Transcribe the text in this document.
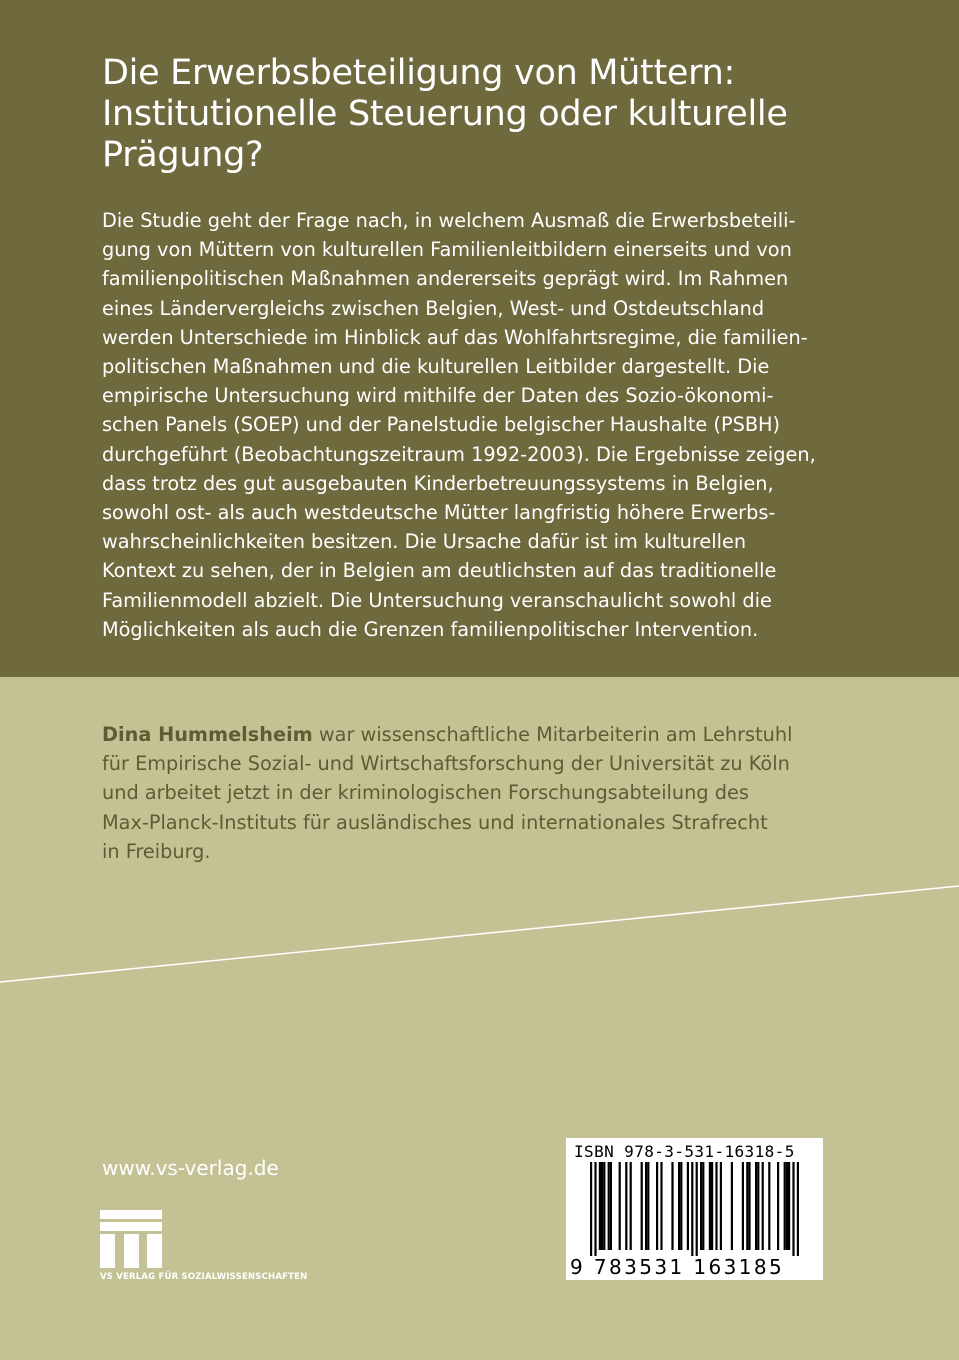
Die Erwerbsbeteiligung von Müttern:
Institutionelle Steuerung oder kulturelle
Prägung?
Die Studie geht der Frage nach, in welchem Ausmaß die Erwerbsbeteili-
gung von Müttern von kulturellen Familienleitbildern einerseits und von
familienpolitischen Maßnahmen andererseits geprägt wird. Im Rahmen
eines Ländervergleichs zwischen Belgien, West- und Ostdeutschland
werden Unterschiede im Hinblick auf das Wohlfahrtsregime, die familien-
politischen Maßnahmen und die kulturellen Leitbilder dargestellt. Die
empirische Untersuchung wird mithilfe der Daten des Sozio-ökonomi-
schen Panels (SOEP) und der Panelstudie belgischer Haushalte (PSBH)
durchgeführt (Beobachtungszeitraum 1992-2003). Die Ergebnisse zeigen,
dass trotz des gut ausgebauten Kinderbetreuungssystems in Belgien,
sowohl ost- als auch westdeutsche Mütter langfristig höhere Erwerbs-
wahrscheinlichkeiten besitzen. Die Ursache dafür ist im kulturellen
Kontext zu sehen, der in Belgien am deutlichsten auf das traditionelle
Familienmodell abzielt. Die Untersuchung veranschaulicht sowohl die
Möglichkeiten als auch die Grenzen familienpolitischer Intervention.
Dina Hummelsheim war wissenschaftliche Mitarbeiterin am Lehrstuhl
für Empirische Sozial- und Wirtschaftsforschung der Universität zu Köln
und arbeitet jetzt in der kriminologischen Forschungsabteilung des
Max-Planck-Instituts für ausländisches und internationales Strafrecht
in Freiburg.
www.vs-verlag.de
VS VERLAG FÜR SOZIALWISSENSCHAFTEN
ISBN 978-3-531-16318-5
9 783531 163185
